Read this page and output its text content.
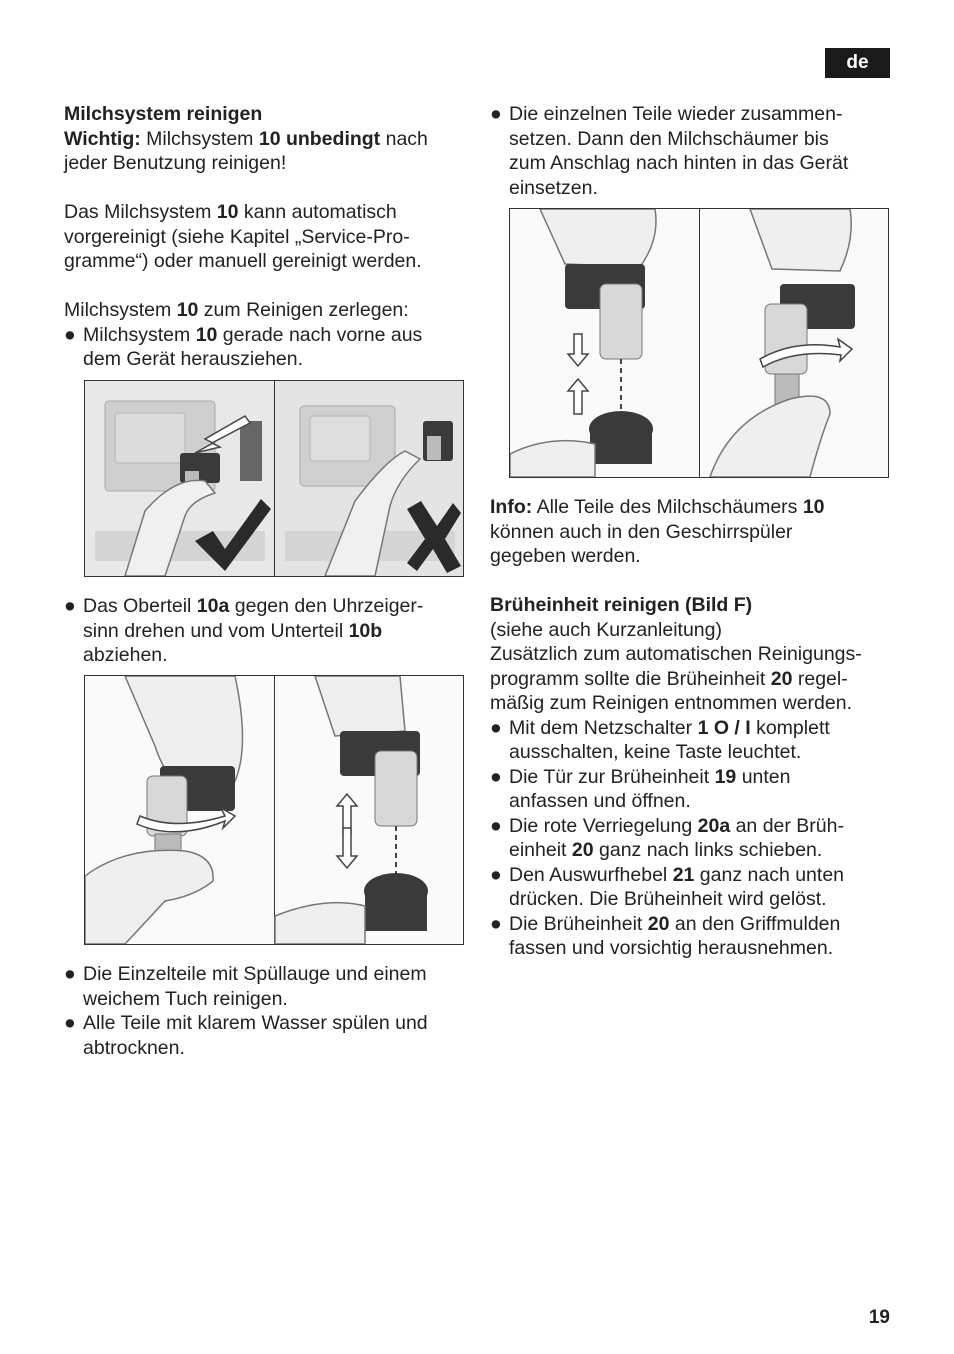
de

Milchsystem reinigen

Wichtig: Milchsystem 10 unbedingt nach

jeder Benutzung reinigen!

Das Milchsystem 10 kann automatisch

vorgereinigt (siehe Kapitel „Service-Pro-

gramme“) oder manuell gereinigt werden.

Milchsystem 10 zum Reinigen zerlegen:

● Milchsystem 10 gerade nach vorne aus

dem Gerät herausziehen.

● Das Oberteil 10a gegen den Uhrzeiger-

sinn drehen und vom Unterteil 10b

abziehen.

● Die Einzelteile mit Spüllauge und einem

weichem Tuch reinigen.

● Alle Teile mit klarem Wasser spülen und

abtrocknen.

● Die einzelnen Teile wieder zusammen-

setzen. Dann den Milchschäumer bis

zum Anschlag nach hinten in das Gerät

einsetzen.

Info: Alle Teile des Milchschäumers 10

können auch in den Geschirrspüler

gegeben werden.

Brüheinheit reinigen (Bild F)

(siehe auch Kurzanleitung)

Zusätzlich zum automatischen Reinigungs-

programm sollte die Brüheinheit 20 regel-

mäßig zum Reinigen entnommen werden.

● Mit dem Netzschalter 1 O / I komplett

ausschalten, keine Taste leuchtet.

● Die Tür zur Brüheinheit 19 unten

anfassen und öffnen.

● Die rote Verriegelung 20a an der Brüh-

einheit 20 ganz nach links schieben.

● Den Auswurfhebel 21 ganz nach unten

drücken. Die Brüheinheit wird gelöst.

● Die Brüheinheit 20 an den Griffmulden

fassen und vorsichtig herausnehmen.

19
